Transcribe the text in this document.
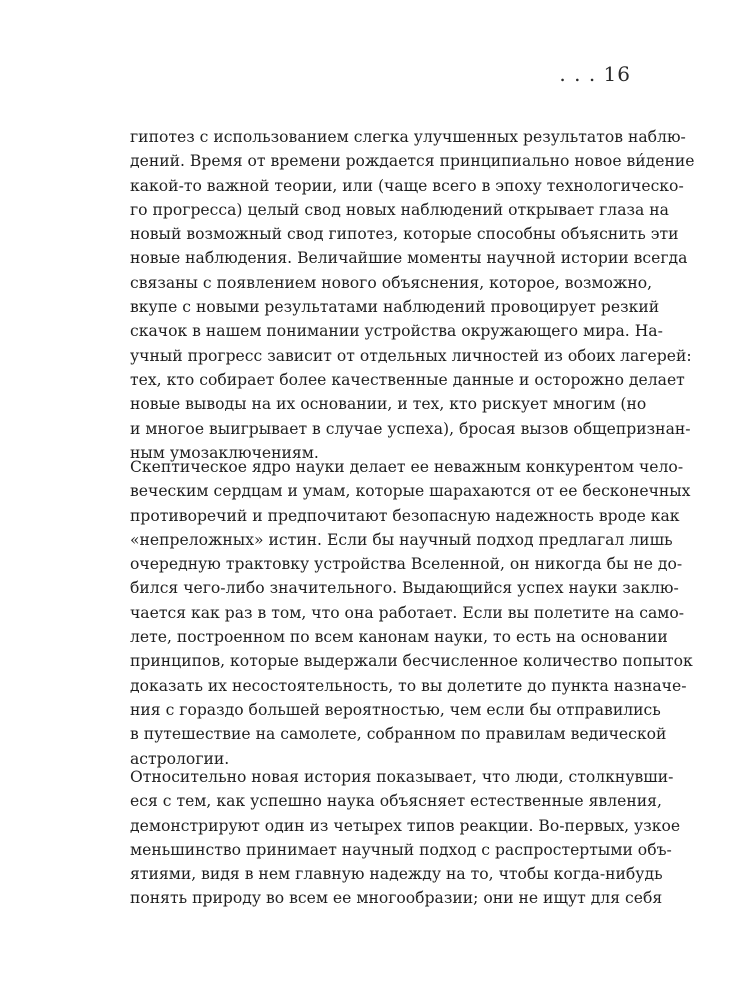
. . . 16
гипотез с использованием слегка улучшенных результатов наблю-
дений. Время от времени рождается принципиально новое ви́дение
какой-то важной теории, или (чаще всего в эпоху технологическо-
го прогресса) целый свод новых наблюдений открывает глаза на
новый возможный свод гипотез, которые способны объяснить эти
новые наблюдения. Величайшие моменты научной истории всегда
связаны с появлением нового объяснения, которое, возможно,
вкупе с новыми результатами наблюдений провоцирует резкий
скачок в нашем понимании устройства окружающего мира. На-
учный прогресс зависит от отдельных личностей из обоих лагерей:
тех, кто собирает более качественные данные и осторожно делает
новые выводы на их основании, и тех, кто рискует многим (но
и многое выигрывает в случае успеха), бросая вызов общепризнан-
ным умозаключениям.
Скептическое ядро науки делает ее неважным конкурентом чело-
веческим сердцам и умам, которые шарахаются от ее бесконечных
противоречий и предпочитают безопасную надежность вроде как
«непреложных» истин. Если бы научный подход предлагал лишь
очередную трактовку устройства Вселенной, он никогда бы не до-
бился чего-либо значительного. Выдающийся успех науки заклю-
чается как раз в том, что она работает. Если вы полетите на само-
лете, построенном по всем канонам науки, то есть на основании
принципов, которые выдержали бесчисленное количество попыток
доказать их несостоятельность, то вы долетите до пункта назначе-
ния с гораздо большей вероятностью, чем если бы отправились
в путешествие на самолете, собранном по правилам ведической
астрологии.
Относительно новая история показывает, что люди, столкнувши-
еся с тем, как успешно наука объясняет естественные явления,
демонстрируют один из четырех типов реакции. Во-первых, узкое
меньшинство принимает научный подход с распростертыми объ-
ятиями, видя в нем главную надежду на то, чтобы когда-нибудь
понять природу во всем ее многообразии; они не ищут для себя
